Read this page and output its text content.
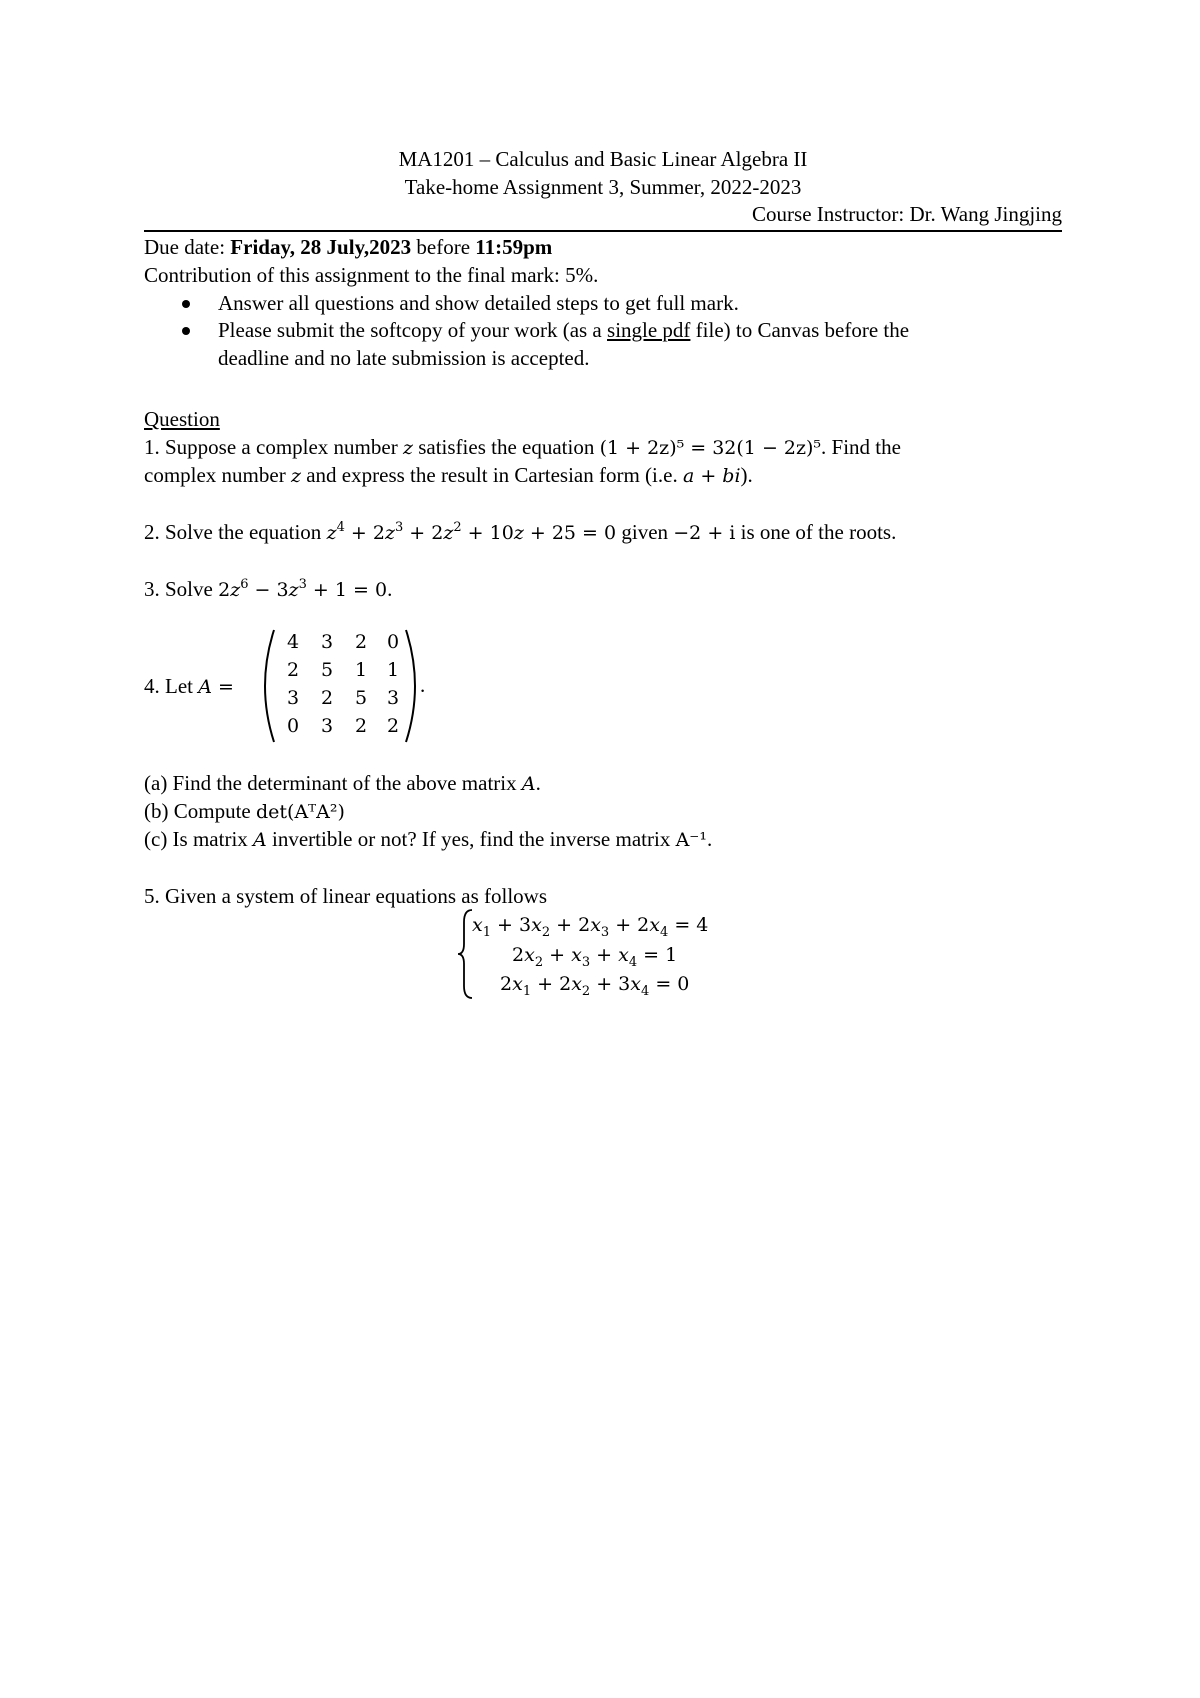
MA1201 – Calculus and Basic Linear Algebra II
Take-home Assignment 3, Summer, 2022-2023
Course Instructor: Dr. Wang Jingjing
Due date: Friday, 28 July,2023 before 11:59pm
Contribution of this assignment to the final mark: 5%.
Answer all questions and show detailed steps to get full mark.
Please submit the softcopy of your work (as a single pdf file) to Canvas before the
deadline and no late submission is accepted.
Question
1. Suppose a complex number z satisfies the equation (1 + 2z)⁵ = 32(1 − 2z)⁵. Find the
complex number z and express the result in Cartesian form (i.e. a + bi).
2. Solve the equation $z^4 + 2z^3 + 2z^2 + 10z + 25 = 0$ given −2 + i is one of the roots.
3. Solve $2z^6 - 3z^3 + 1 = 0$.
4. Let A =
4	3	2	0
2	5	1	1
3	2	5	3
0	3	2	2
.
(a) Find the determinant of the above matrix A.
(b) Compute det(AᵀA²)
(c) Is matrix A invertible or not? If yes, find the inverse matrix A⁻¹.
5. Given a system of linear equations as follows
$x_1 + 3x_2 + 2x_3 + 2x_4 = 4$
$2x_2 + x_3 + x_4 = 1$
$2x_1 + 2x_2 + 3x_4 = 0$
